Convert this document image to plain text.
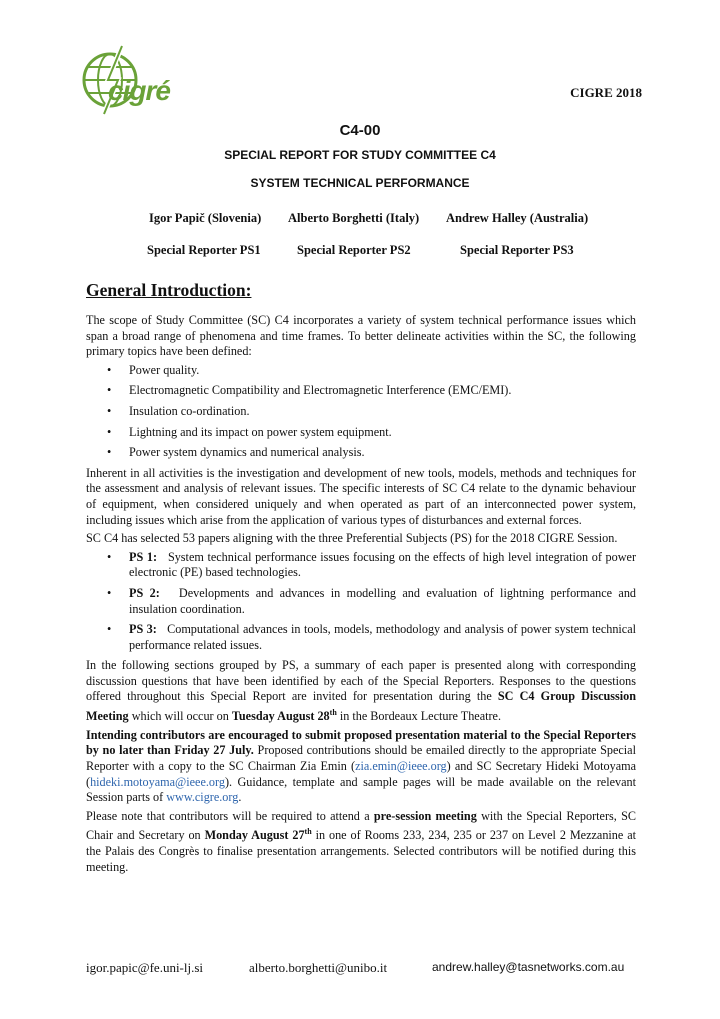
cigré	CIGRE 2018
C4-00
SPECIAL REPORT FOR STUDY COMMITTEE C4
SYSTEM TECHNICAL PERFORMANCE
Igor Papič (Slovenia) Alberto Borghetti (Italy) Andrew Halley (Australia)
Special Reporter PS1	Special Reporter PS2	Special Reporter PS3
General Introduction:

The scope of Study Committee (SC) C4 incorporates a variety of system technical performance issues which span a broad range of phenomena and time frames. To better delineate activities within the SC, the following primary topics have been defined:

• Power quality.
• Electromagnetic Compatibility and Electromagnetic Interference (EMC/EMI).
• Insulation co-ordination.
• Lightning and its impact on power system equipment.
• Power system dynamics and numerical analysis.

Inherent in all activities is the investigation and development of new tools, models, methods and techniques for the assessment and analysis of relevant issues. The specific interests of SC C4 relate to the dynamic behaviour of equipment, when considered uniquely and when operated as part of an interconnected power system, including issues which arise from the application of various types of disturbances and external forces.

SC C4 has selected 53 papers aligning with the three Preferential Subjects (PS) for the 2018 CIGRE Session.

• PS 1: System technical performance issues focusing on the effects of high level integration of power electronic (PE) based technologies.
• PS 2: Developments and advances in modelling and evaluation of lightning performance and insulation coordination.
• PS 3: Computational advances in tools, models, methodology and analysis of power system technical performance related issues.

In the following sections grouped by PS, a summary of each paper is presented along with corresponding discussion questions that have been identified by each of the Special Reporters. Responses to the questions offered throughout this Special Report are invited for presentation during the SC C4 Group Discussion Meeting which will occur on Tuesday August 28th in the Bordeaux Lecture Theatre.

Intending contributors are encouraged to submit proposed presentation material to the Special Reporters by no later than Friday 27 July. Proposed contributions should be emailed directly to the appropriate Special Reporter with a copy to the SC Chairman Zia Emin (zia.emin@ieee.org) and SC Secretary Hideki Motoyama (hideki.motoyama@ieee.org). Guidance, template and sample pages will be made available on the relevant Session parts of www.cigre.org.

Please note that contributors will be required to attend a pre-session meeting with the Special Reporters, SC Chair and Secretary on Monday August 27th in one of Rooms 233, 234, 235 or 237 on Level 2 Mezzanine at the Palais des Congrès to finalise presentation arrangements. Selected contributors will be notified during this meeting.

igor.papic@fe.uni-lj.si	alberto.borghetti@unibo.it	andrew.halley@tasnetworks.com.au
